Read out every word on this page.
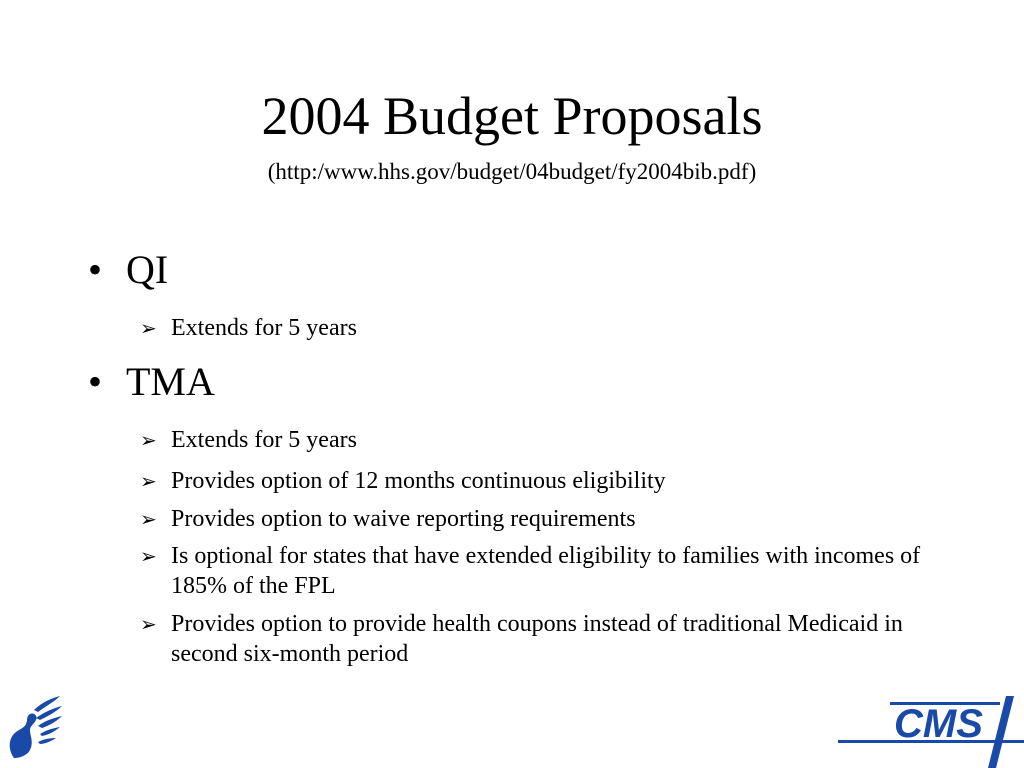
2004 Budget Proposals
(http:/www.hhs.gov/budget/04budget/fy2004bib.pdf)
• QI
➢ Extends for 5 years
• TMA
➢ Extends for 5 years
➢ Provides option of 12 months continuous eligibility
➢ Provides option to waive reporting requirements
➢ Is optional for states that have extended eligibility to families with incomes of 185% of the FPL
➢ Provides option to provide health coupons instead of traditional Medicaid in second six-month period
CMS
